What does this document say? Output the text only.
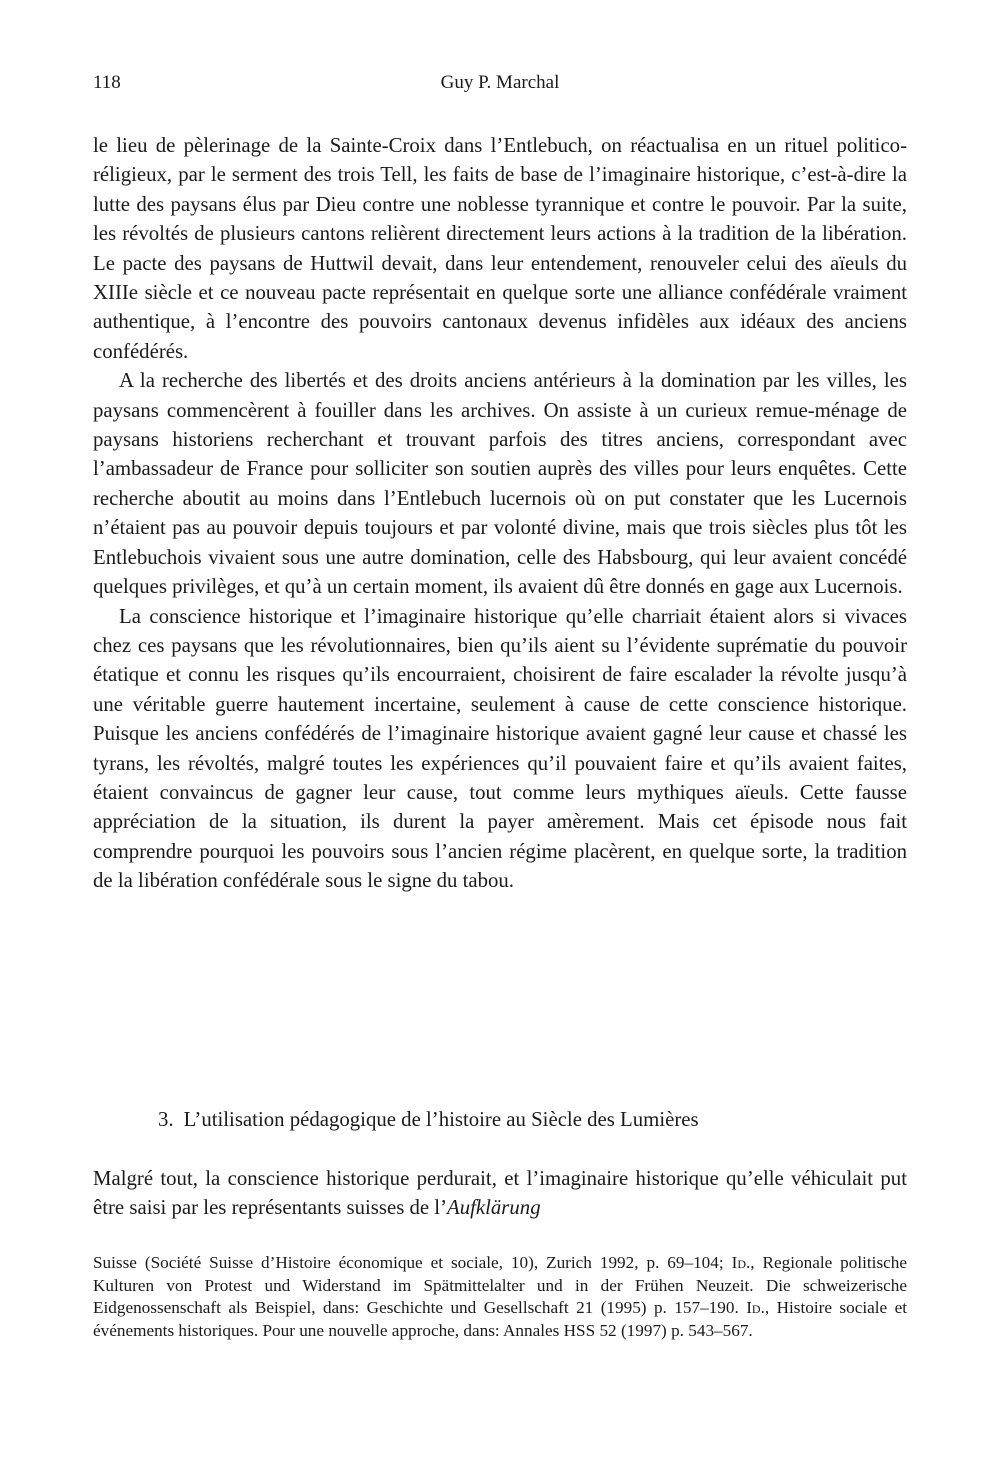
118	Guy P. Marchal

le lieu de pèlerinage de la Sainte-Croix dans l’Entlebuch, on réactualisa en un rituel politico-réligieux, par le serment des trois Tell, les faits de base de l’imaginaire historique, c’est-à-dire la lutte des paysans élus par Dieu contre une noblesse tyrannique et contre le pouvoir. Par la suite, les révoltés de plusieurs cantons relièrent directement leurs actions à la tradition de la libération. Le pacte des paysans de Huttwil devait, dans leur entendement, renouveler celui des aïeuls du XIIIe siècle et ce nouveau pacte représentait en quelque sorte une alliance confédérale vraiment authentique, à l’encontre des pouvoirs cantonaux devenus infidèles aux idéaux des anciens confédérés.

A la recherche des libertés et des droits anciens antérieurs à la domination par les villes, les paysans commencèrent à fouiller dans les archives. On assiste à un curieux remue-ménage de paysans historiens recherchant et trouvant parfois des titres anciens, correspondant avec l’ambassadeur de France pour solliciter son soutien auprès des villes pour leurs enquêtes. Cette recherche aboutit au moins dans l’Entlebuch lucernois où on put constater que les Lucernois n’étaient pas au pouvoir depuis toujours et par volonté divine, mais que trois siècles plus tôt les Entlebuchois vivaient sous une autre domination, celle des Habsbourg, qui leur avaient concédé quelques privilèges, et qu’à un certain moment, ils avaient dû être donnés en gage aux Lucernois.

La conscience historique et l’imaginaire historique qu’elle charriait étaient alors si vivaces chez ces paysans que les révolutionnaires, bien qu’ils aient su l’évidente suprématie du pouvoir étatique et connu les risques qu’ils encourraient, choisirent de faire escalader la révolte jusqu’à une véritable guerre hautement incertaine, seulement à cause de cette conscience historique. Puisque les anciens confédérés de l’imaginaire historique avaient gagné leur cause et chassé les tyrans, les révoltés, malgré toutes les expériences qu’il pouvaient faire et qu’ils avaient faites, étaient convaincus de gagner leur cause, tout comme leurs mythiques aïeuls. Cette fausse appréciation de la situation, ils durent la payer amèrement. Mais cet épisode nous fait comprendre pourquoi les pouvoirs sous l’ancien régime placèrent, en quelque sorte, la tradition de la libération confédérale sous le signe du tabou.

3. L’utilisation pédagogique de l’histoire au Siècle des Lumières

Malgré tout, la conscience historique perdurait, et l’imaginaire historique qu’elle véhiculait put être saisi par les représentants suisses de l’Aufklärung

Suisse (Société Suisse d’Histoire économique et sociale, 10), Zurich 1992, p. 69–104; Id., Regionale politische Kulturen von Protest und Widerstand im Spätmittelalter und in der Frühen Neuzeit. Die schweizerische Eidgenossenschaft als Beispiel, dans: Geschichte und Gesellschaft 21 (1995) p. 157–190. Id., Histoire sociale et événements historiques. Pour une nouvelle approche, dans: Annales HSS 52 (1997) p. 543–567.
